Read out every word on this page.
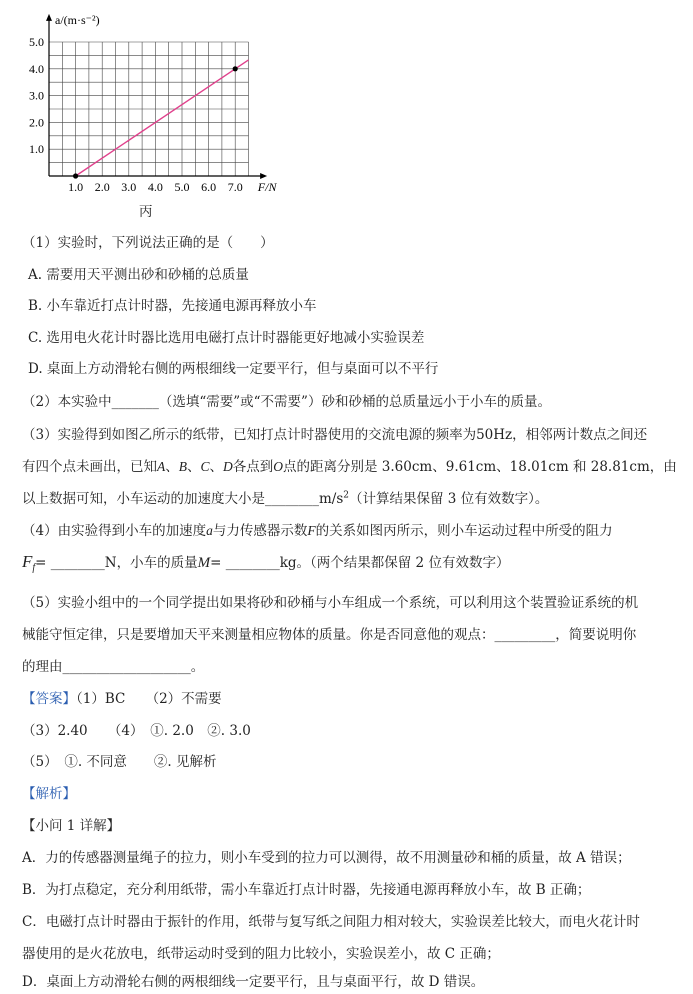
1.0 2.0 3.0 4.0 5.0 6.0 7.0
1.0
2.0
3.0
4.0
5.0
a/(m·s⁻²)
F/N
丙
（1）实验时，下列说法正确的是（　　）
A. 需要用天平测出砂和砂桶的总质量
B. 小车靠近打点计时器，先接通电源再释放小车
C. 选用电火花计时器比选用电磁打点计时器能更好地减小实验误差
D. 桌面上方动滑轮右侧的两根细线一定要平行，但与桌面可以不平行
（2）本实验中_______（选填“需要”或“不需要”）砂和砂桶的总质量远小于小车的质量。
（3）实验得到如图乙所示的纸带，已知打点计时器使用的交流电源的频率为50Hz，相邻两计数点之间还
有四个点未画出，已知A、B、C、D各点到O点的距离分别是 3.60cm、9.61cm、18.01cm 和 28.81cm，由
以上数据可知，小车运动的加速度大小是$\_\_\_\_\_\_\_\_m/s^2$（计算结果保留 3 位有效数字）。
（4）由实验得到小车的加速度a与力传感器示数F的关系如图丙所示，则小车运动过程中所受的阻力
$F_f=$ ________N，小车的质量M= ________kg。（两个结果都保留 2 位有效数字）
（5）实验小组中的一个同学提出如果将砂和砂桶与小车组成一个系统，可以利用这个装置验证系统的机
械能守恒定律，只是要增加天平来测量相应物体的质量。你是否同意他的观点：_________，简要说明你
的理由___________________。
【答案】（1）BC　　（2）不需要
（3）2.40　　（4）　①. 2.0　②. 3.0
（5）　①. 不同意　　②. 见解析
【解析】
【小问 1 详解】
A．力的传感器测量绳子的拉力，则小车受到的拉力可以测得，故不用测量砂和桶的质量，故 A 错误；
B．为打点稳定，充分利用纸带，需小车靠近打点计时器，先接通电源再释放小车，故 B 正确；
C．电磁打点计时器由于振针的作用，纸带与复写纸之间阻力相对较大，实验误差比较大，而电火花计时
器使用的是火花放电，纸带运动时受到的阻力比较小，实验误差小，故 C 正确；
D．桌面上方动滑轮右侧的两根细线一定要平行，且与桌面平行，故 D 错误。
